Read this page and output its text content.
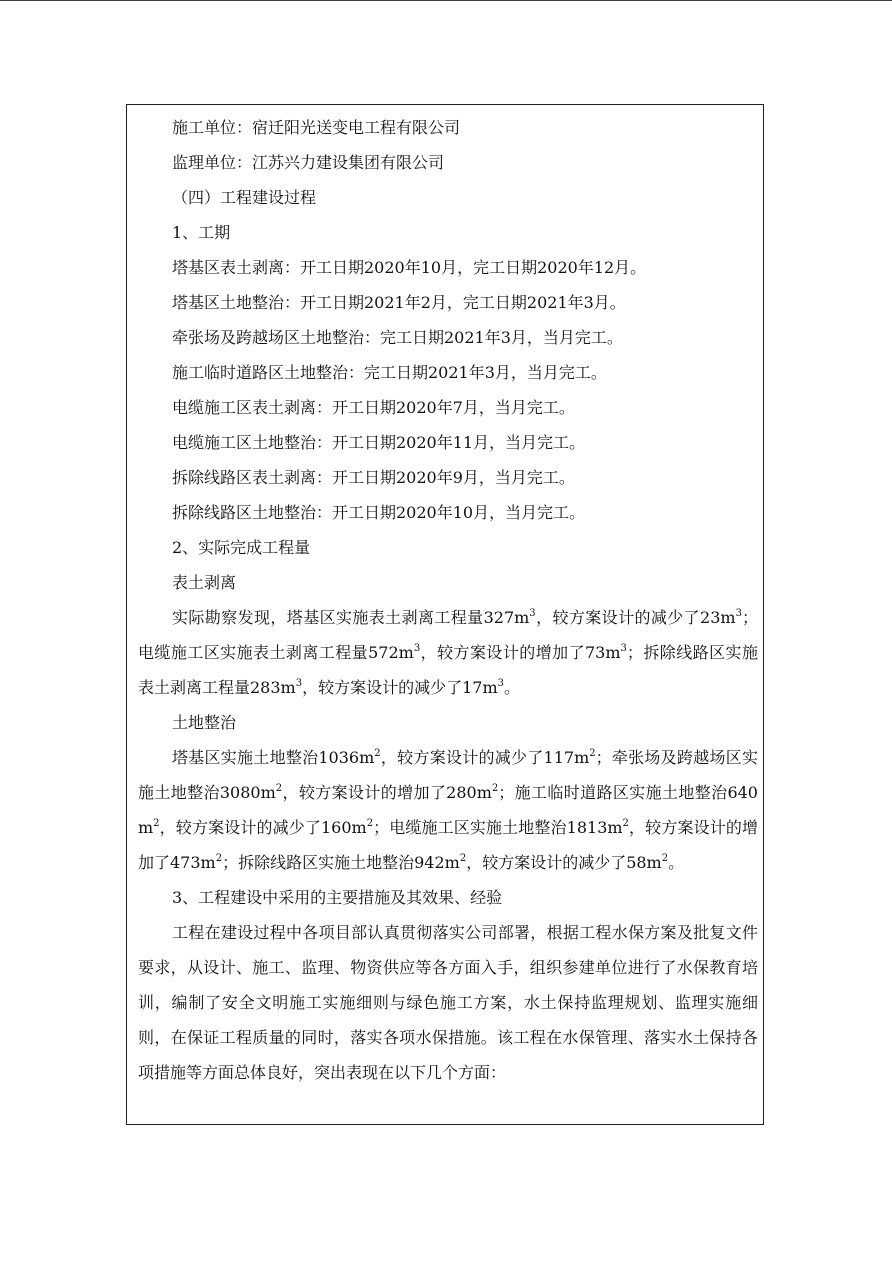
施工单位：宿迁阳光送变电工程有限公司

监理单位：江苏兴力建设集团有限公司

（四）工程建设过程

1、工期

塔基区表土剥离：开工日期2020年10月，完工日期2020年12月。

塔基区土地整治：开工日期2021年2月，完工日期2021年3月。

牵张场及跨越场区土地整治：完工日期2021年3月，当月完工。

施工临时道路区土地整治：完工日期2021年3月，当月完工。

电缆施工区表土剥离：开工日期2020年7月，当月完工。

电缆施工区土地整治：开工日期2020年11月，当月完工。

拆除线路区表土剥离：开工日期2020年9月，当月完工。

拆除线路区土地整治：开工日期2020年10月，当月完工。

2、实际完成工程量

表土剥离

实际勘察发现，塔基区实施表土剥离工程量$327m^3$，较方案设计的减少了$23m^3$；电缆施工区实施表土剥离工程量$572m^3$，较方案设计的增加了$73m^3$；拆除线路区实施表土剥离工程量$283m^3$，较方案设计的减少了$17m^3$。

土地整治

塔基区实施土地整治$1036m^2$，较方案设计的减少了$117m^2$；牵张场及跨越场区实施土地整治$3080m^2$，较方案设计的增加了$280m^2$；施工临时道路区实施土地整治$640m^2$，较方案设计的减少了$160m^2$；电缆施工区实施土地整治$1813m^2$，较方案设计的增加了$473m^2$；拆除线路区实施土地整治$942m^2$，较方案设计的减少了$58m^2$。

3、工程建设中采用的主要措施及其效果、经验

工程在建设过程中各项目部认真贯彻落实公司部署，根据工程水保方案及批复文件要求，从设计、施工、监理、物资供应等各方面入手，组织参建单位进行了水保教育培训，编制了安全文明施工实施细则与绿色施工方案，水土保持监理规划、监理实施细则，在保证工程质量的同时，落实各项水保措施。该工程在水保管理、落实水土保持各项措施等方面总体良好，突出表现在以下几个方面：
